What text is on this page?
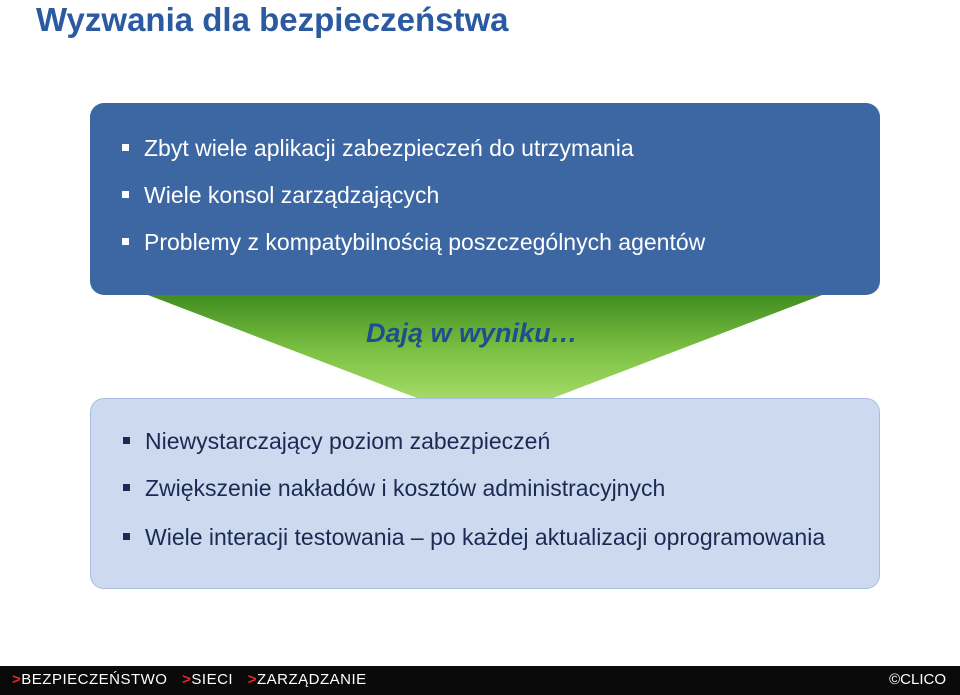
Wyzwania dla bezpieczeństwa
Zbyt wiele aplikacji zabezpieczeń do utrzymania
Wiele konsol zarządzających
Problemy z kompatybilnością poszczególnych agentów
Dają w wyniku…
Niewystarczający poziom zabezpieczeń
Zwiększenie nakładów i kosztów administracyjnych
Wiele interacji testowania – po każdej aktualizacji oprogramowania
>BEZPIECZEŃSTWO >SIECI >ZARZĄDZANIE	©CLICO
